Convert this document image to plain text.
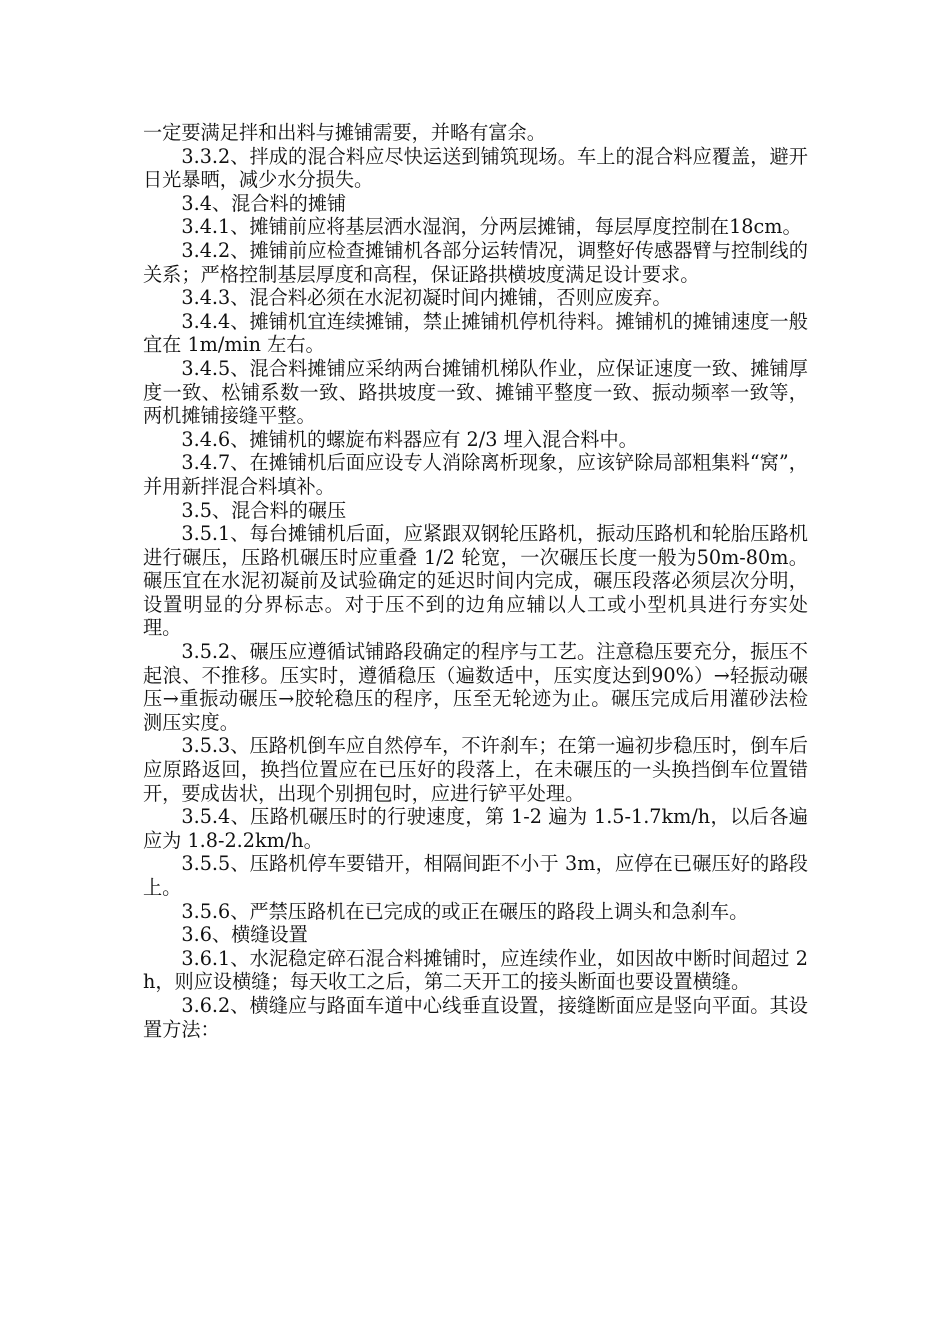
一定要满足拌和出料与摊铺需要，并略有富余。

3.3.2、拌成的混合料应尽快运送到铺筑现场。车上的混合料应覆盖，避开日光暴晒，减少水分损失。

3.4、混合料的摊铺

3.4.1、摊铺前应将基层洒水湿润，分两层摊铺，每层厚度控制在18cm。

3.4.2、摊铺前应检查摊铺机各部分运转情况，调整好传感器臂与控制线的关系；严格控制基层厚度和高程，保证路拱横坡度满足设计要求。

3.4.3、混合料必须在水泥初凝时间内摊铺，否则应废弃。

3.4.4、摊铺机宜连续摊铺，禁止摊铺机停机待料。摊铺机的摊铺速度一般宜在 1m/min 左右。

3.4.5、混合料摊铺应采纳两台摊铺机梯队作业，应保证速度一致、摊铺厚度一致、松铺系数一致、路拱坡度一致、摊铺平整度一致、振动频率一致等，两机摊铺接缝平整。

3.4.6、摊铺机的螺旋布料器应有 2/3 埋入混合料中。

3.4.7、在摊铺机后面应设专人消除离析现象，应该铲除局部粗集料“窝”，并用新拌混合料填补。

3.5、混合料的碾压

3.5.1、每台摊铺机后面，应紧跟双钢轮压路机，振动压路机和轮胎压路机进行碾压，压路机碾压时应重叠 1/2 轮宽，一次碾压长度一般为50m-80m。碾压宜在水泥初凝前及试验确定的延迟时间内完成，碾压段落必须层次分明，设置明显的分界标志。对于压不到的边角应辅以人工或小型机具进行夯实处理。

3.5.2、碾压应遵循试铺路段确定的程序与工艺。注意稳压要充分，振压不起浪、不推移。压实时，遵循稳压（遍数适中，压实度达到90%）→轻振动碾压→重振动碾压→胶轮稳压的程序，压至无轮迹为止。碾压完成后用灌砂法检测压实度。

3.5.3、压路机倒车应自然停车，不许刹车；在第一遍初步稳压时，倒车后应原路返回，换挡位置应在已压好的段落上，在未碾压的一头换挡倒车位置错开，要成齿状，出现个别拥包时，应进行铲平处理。

3.5.4、压路机碾压时的行驶速度，第 1-2 遍为 1.5-1.7km/h，以后各遍应为 1.8-2.2km/h。

3.5.5、压路机停车要错开，相隔间距不小于 3m，应停在已碾压好的路段上。

3.5.6、严禁压路机在已完成的或正在碾压的路段上调头和急刹车。

3.6、横缝设置

3.6.1、水泥稳定碎石混合料摊铺时，应连续作业，如因故中断时间超过 2h，则应设横缝；每天收工之后，第二天开工的接头断面也要设置横缝。

3.6.2、横缝应与路面车道中心线垂直设置，接缝断面应是竖向平面。其设置方法：
